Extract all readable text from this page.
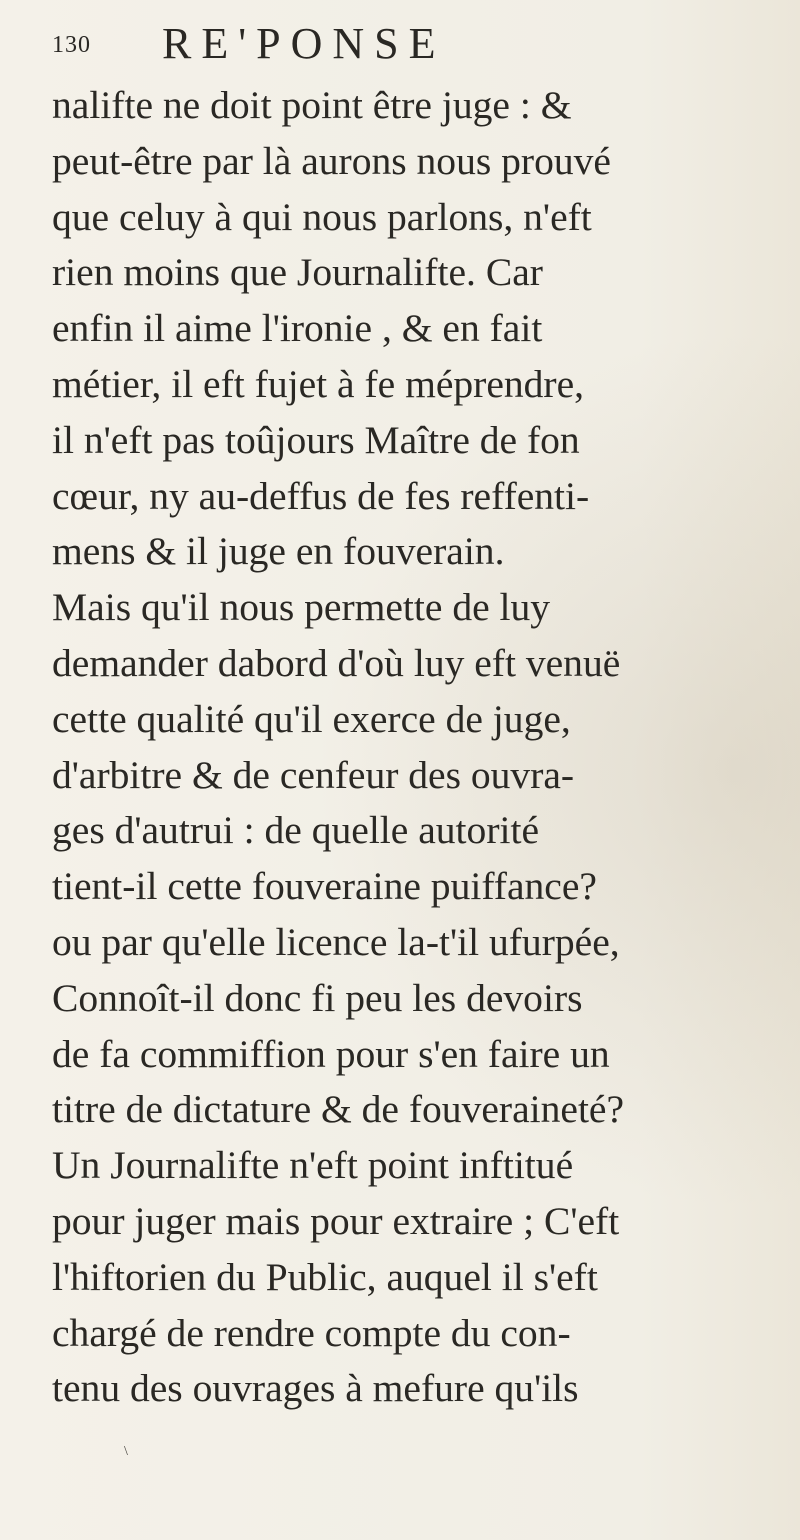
130 RE'PONSE
nalifte ne doit point être juge : &
peut-être par là aurons nous prouvé
que celuy à qui nous parlons, n'eft
rien moins que Journalifte. Car
enfin il aime l'ironie , & en fait
métier, il eft fujet à fe méprendre,
il n'eft pas toûjours Maître de fon
cœur, ny au-deffus de fes reffenti-
mens & il juge en fouverain.
Mais qu'il nous permette de luy
demander dabord d'où luy eft venuë
cette qualité qu'il exerce de juge,
d'arbitre & de cenfeur des ouvra-
ges d'autrui : de quelle autorité
tient-il cette fouveraine puiffance?
ou par qu'elle licence la-t'il ufurpée,
Connoît-il donc fi peu les devoirs
de fa commiffion pour s'en faire un
titre de dictature & de fouveraineté?
Un Journalifte n'eft point inftitué
pour juger mais pour extraire ; C'eft
l'hiftorien du Public, auquel il s'eft
chargé de rendre compte du con-
tenu des ouvrages à mefure qu'ils
\
